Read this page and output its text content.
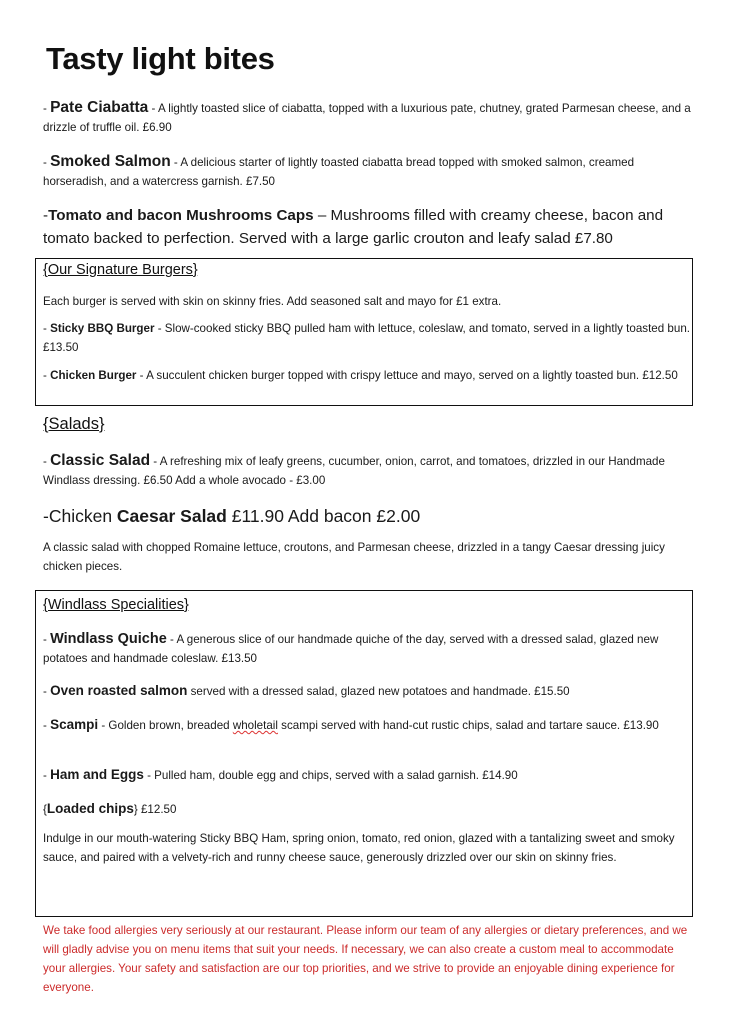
Tasty light bites

- Pate Ciabatta - A lightly toasted slice of ciabatta, topped with a luxurious pate, chutney, grated Parmesan cheese, and a drizzle of truffle oil. £6.90

- Smoked Salmon - A delicious starter of lightly toasted ciabatta bread topped with smoked salmon, creamed horseradish, and a watercress garnish. £7.50

-Tomato and bacon Mushrooms Caps – Mushrooms filled with creamy cheese, bacon and tomato backed to perfection. Served with a large garlic crouton and leafy salad £7.80

{Our Signature Burgers}

Each burger is served with skin on skinny fries. Add seasoned salt and mayo for £1 extra.

- Sticky BBQ Burger - Slow-cooked sticky BBQ pulled ham with lettuce, coleslaw, and tomato, served in a lightly toasted bun. £13.50

- Chicken Burger - A succulent chicken burger topped with crispy lettuce and mayo, served on a lightly toasted bun. £12.50

{Salads}

- Classic Salad - A refreshing mix of leafy greens, cucumber, onion, carrot, and tomatoes, drizzled in our Handmade Windlass dressing. £6.50 Add a whole avocado - £3.00

-Chicken Caesar Salad £11.90 Add bacon £2.00

A classic salad with chopped Romaine lettuce, croutons, and Parmesan cheese, drizzled in a tangy Caesar dressing juicy chicken pieces.

{Windlass Specialities}

- Windlass Quiche - A generous slice of our handmade quiche of the day, served with a dressed salad, glazed new potatoes and handmade coleslaw. £13.50

- Oven roasted salmon served with a dressed salad, glazed new potatoes and handmade. £15.50

- Scampi - Golden brown, breaded wholetail scampi served with hand-cut rustic chips, salad and tartare sauce. £13.90

- Ham and Eggs - Pulled ham, double egg and chips, served with a salad garnish. £14.90

{Loaded chips} £12.50

Indulge in our mouth-watering Sticky BBQ Ham, spring onion, tomato, red onion, glazed with a tantalizing sweet and smoky sauce, and paired with a velvety-rich and runny cheese sauce, generously drizzled over our skin on skinny fries.

We take food allergies very seriously at our restaurant. Please inform our team of any allergies or dietary preferences, and we will gladly advise you on menu items that suit your needs. If necessary, we can also create a custom meal to accommodate your allergies. Your safety and satisfaction are our top priorities, and we strive to provide an enjoyable dining experience for everyone.
